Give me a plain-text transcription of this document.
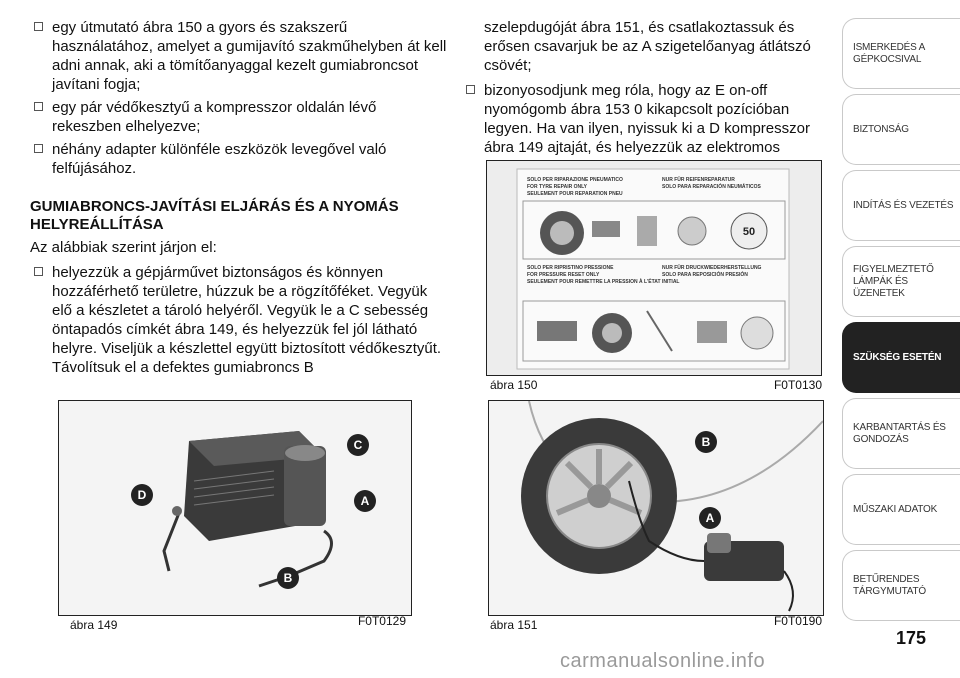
egy útmutató ábra 150 a gyors és szakszerű használatához, amelyet a gumijavító szakműhelyben át kell adni annak, aki a tömítőanyaggal kezelt gumiabroncsot javítani fogja;
egy pár védőkesztyű a kompresszor oldalán lévő rekeszben elhelyezve;
néhány adapter különféle eszközök levegővel való felfújásához.
GUMIABRONCS-JAVÍTÁSI ELJÁRÁS ÉS A NYOMÁS HELYREÁLLÍTÁSA

Az alábbiak szerint járjon el:

helyezzük a gépjárművet biztonságos és könnyen hozzáférhető területre, húzzuk be a rögzítőféket. Vegyük elő a készletet a tároló helyéről. Vegyük le a C sebesség öntapadós címkét ábra 149, és helyezzük fel jól látható helyre. Viseljük a készlettel együtt biztosított védőkesztyűt. Távolítsuk el a defektes gumiabroncs B
szelepdugóját ábra 151, és csatlakoztassuk és erősen csavarjuk be az A szigetelőanyag átlátszó csövét;
bizonyosodjunk meg róla, hogy az E on-off nyomógomb ábra 153 0 kikapcsolt pozícióban legyen. Ha van ilyen, nyissuk ki a D kompresszor ábra 149 ajtaját, és helyezzük az elektromos
SOLO PER RIPARAZIONE PNEUMATICO
FOR TYRE REPAIR ONLY
SEULEMENT POUR REPARATION PNEU
NUR FÜR REIFENREPARATUR
SOLO PARA REPARACIÓN NEUMÁTICOS
SOLO PER RIPRISTINO PRESSIONE
FOR PRESSURE RESET ONLY
SEULEMENT POUR REMETTRE LA PRESSION À L'ÉTAT INITIAL
NUR FÜR DRUCKWIEDERHERSTELLUNG
SOLO PARA REPOSICIÓN PRESIÓN
50
ábra 150	F0T0130
C
D	A
B
ábra 149	F0T0129
B
A
ábra 151	F0T0190
ISMERKEDÉS A GÉPKOCSIVAL
BIZTONSÁG
INDÍTÁS ÉS VEZETÉS
FIGYELMEZTETŐ LÁMPÁK ÉS ÜZENETEK
SZÜKSÉG ESETÉN
KARBANTARTÁS ÉS GONDOZÁS
MŰSZAKI ADATOK
BETŰRENDES TÁRGYMUTATÓ
175
carmanualsonline.info
